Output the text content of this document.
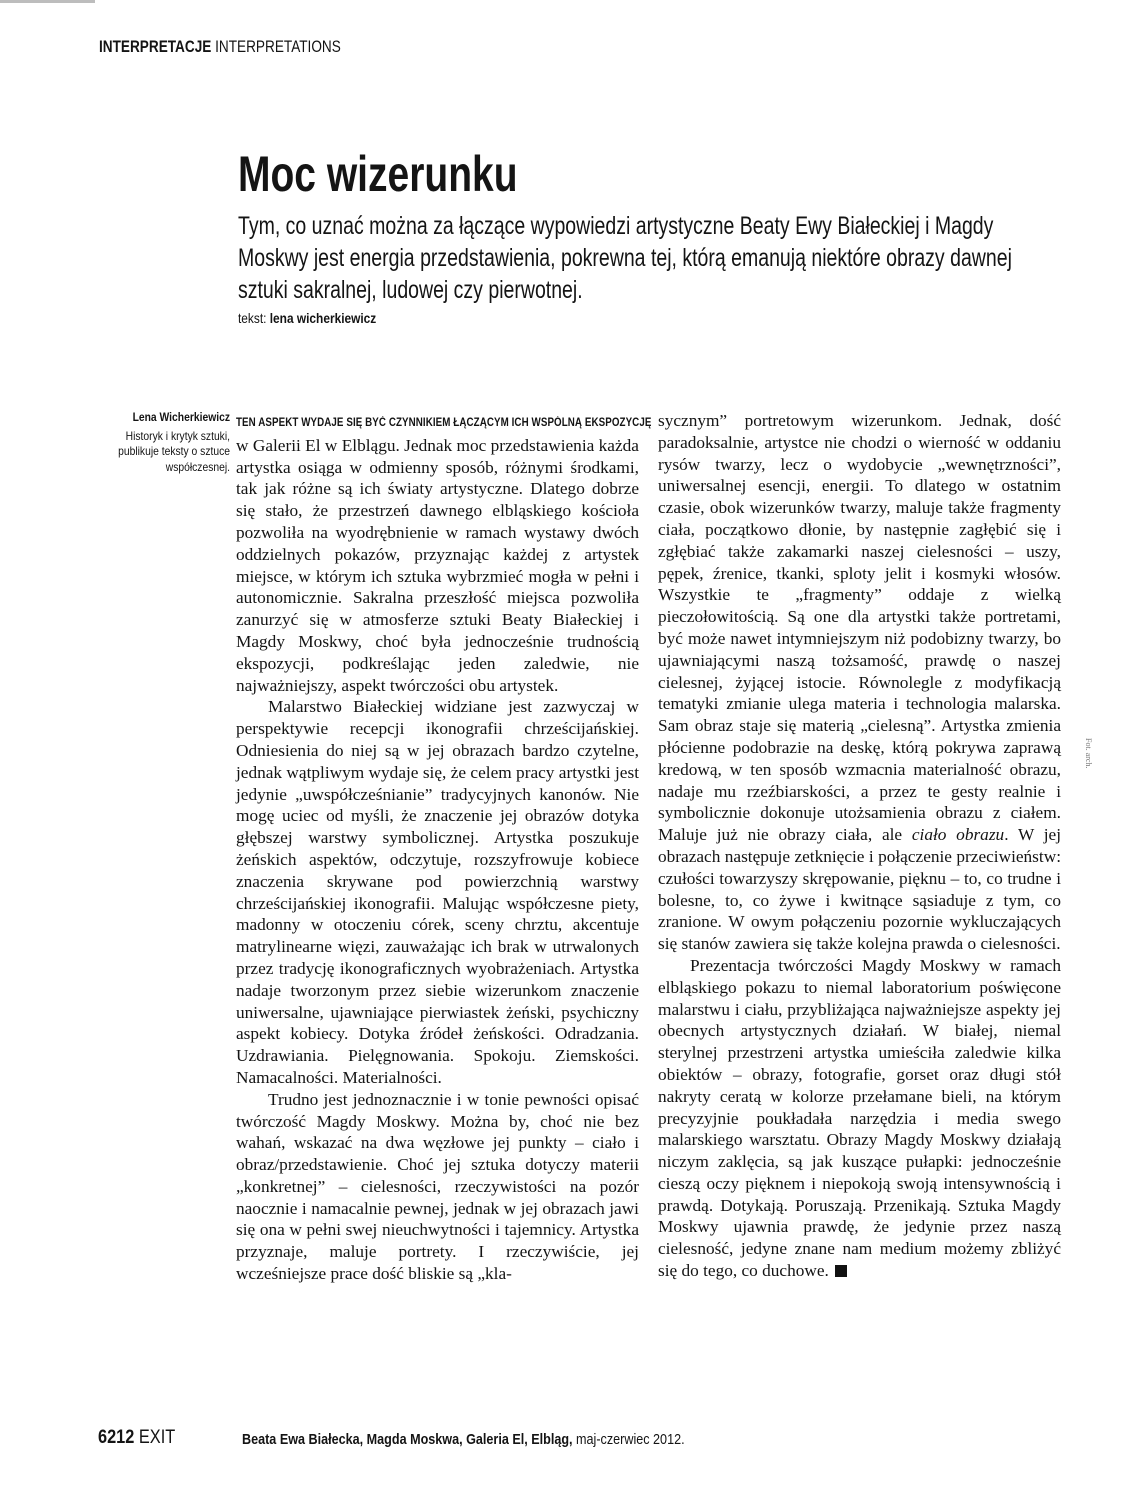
INTERPRETACJE INTERPRETATIONS
Moc wizerunku

Tym, co uznać można za łączące wypowiedzi artystyczne Beaty Ewy Białeckiej i Magdy Moskwy jest energia przedstawienia, pokrewna tej, którą emanują niektóre obrazy dawnej sztuki sakralnej, ludowej czy pierwotnej.

tekst: lena wicherkiewicz
Lena Wicherkiewicz
Historyk i krytyk sztuki, publikuje teksty o sztuce współczesnej.

TEN ASPEKT WYDAJE SIĘ BYĆ CZYNNIKIEM ŁĄCZĄCYM ICH WSPÓLNĄ EKSPOZYCJĘ w Galerii El w Elblągu. Jednak moc przedstawienia każda artystka osiąga w odmienny sposób, różnymi środkami, tak jak różne są ich światy artystyczne. Dlatego dobrze się stało, że przestrzeń dawnego elbląskiego kościoła pozwoliła na wyodrębnienie w ramach wystawy dwóch oddzielnych pokazów, przyznając każdej z artystek miejsce, w którym ich sztuka wybrzmieć mogła w pełni i autonomicznie. Sakralna przeszłość miejsca pozwoliła zanurzyć się w atmosferze sztuki Beaty Białeckiej i Magdy Moskwy, choć była jednocześnie trudnością ekspozycji, podkreślając jeden zaledwie, nie najważniejszy, aspekt twórczości obu artystek.

Malarstwo Białeckiej widziane jest zazwyczaj w perspektywie recepcji ikonografii chrześcijańskiej. Odniesienia do niej są w jej obrazach bardzo czytelne, jednak wątpliwym wydaje się, że celem pracy artystki jest jedynie „uwspółcześnianie” tradycyjnych kanonów. Nie mogę uciec od myśli, że znaczenie jej obrazów dotyka głębszej warstwy symbolicznej. Artystka poszukuje żeńskich aspektów, odczytuje, rozszyfrowuje kobiece znaczenia skrywane pod powierzchnią warstwy chrześcijańskiej ikonografii. Malując współczesne piety, madonny w otoczeniu córek, sceny chrztu, akcentuje matrylinearne więzi, zauważając ich brak w utrwalonych przez tradycję ikonograficznych wyobrażeniach. Artystka nadaje tworzonym przez siebie wizerunkom znaczenie uniwersalne, ujawniające pierwiastek żeński, psychiczny aspekt kobiecy. Dotyka źródeł żeńskości. Odradzania. Uzdrawiania. Pielęgnowania. Spokoju. Ziemskości. Namacalności. Materialności.

Trudno jest jednoznacznie i w tonie pewności opisać twórczość Magdy Moskwy. Można by, choć nie bez wahań, wskazać na dwa węzłowe jej punkty – ciało i obraz/przedstawienie. Choć jej sztuka dotyczy materii „konkretnej” – cielesności, rzeczywistości na pozór naocznie i namacalnie pewnej, jednak w jej obrazach jawi się ona w pełni swej nieuchwytności i tajemnicy. Artystka przyznaje, maluje portrety. I rzeczywiście, jej wcześniejsze prace dość bliskie są „kla-

sycznym” portretowym wizerunkom. Jednak, dość paradoksalnie, artystce nie chodzi o wierność w oddaniu rysów twarzy, lecz o wydobycie „wewnętrzności”, uniwersalnej esencji, energii. To dlatego w ostatnim czasie, obok wizerunków twarzy, maluje także fragmenty ciała, początkowo dłonie, by następnie zagłębić się i zgłębiać także zakamarki naszej cielesności – uszy, pępek, źrenice, tkanki, sploty jelit i kosmyki włosów. Wszystkie te „fragmenty” oddaje z wielką pieczołowitością. Są one dla artystki także portretami, być może nawet intymniejszym niż podobizny twarzy, bo ujawniającymi naszą tożsamość, prawdę o naszej cielesnej, żyjącej istocie. Równolegle z modyfikacją tematyki zmianie ulega materia i technologia malarska. Sam obraz staje się materią „cielesną”. Artystka zmienia płócienne podobrazie na deskę, którą pokrywa zaprawą kredową, w ten sposób wzmacnia materialność obrazu, nadaje mu rzeźbiarskości, a przez te gesty realnie i symbolicznie dokonuje utożsamienia obrazu z ciałem. Maluje już nie obrazy ciała, ale ciało obrazu. W jej obrazach następuje zetknięcie i połączenie przeciwieństw: czułości towarzyszy skrępowanie, pięknu – to, co trudne i bolesne, to, co żywe i kwitnące sąsiaduje z tym, co zranione. W owym połączeniu pozornie wykluczających się stanów zawiera się także kolejna prawda o cielesności.

Prezentacja twórczości Magdy Moskwy w ramach elbląskiego pokazu to niemal laboratorium poświęcone malarstwu i ciału, przybliżająca najważniejsze aspekty jej obecnych artystycznych działań. W białej, niemal sterylnej przestrzeni artystka umieściła zaledwie kilka obiektów – obrazy, fotografie, gorset oraz długi stół nakryty ceratą w kolorze przełamane bieli, na którym precyzyjnie poukładała narzędzia i media swego malarskiego warsztatu. Obrazy Magdy Moskwy działają niczym zaklęcia, są jak kuszące pułapki: jednocześnie cieszą oczy pięknem i niepokoją swoją intensywnością i prawdą. Dotykają. Poruszają. Przenikają. Sztuka Magdy Moskwy ujawnia prawdę, że jedynie przez naszą cielesność, jedyne znane nam medium możemy zbliżyć się do tego, co duchowe.

Fot. arch.
Beata Ewa Białecka, Magda Moskwa, Galeria El, Elbląg, maj-czerwiec 2012.
6212 EXIT
